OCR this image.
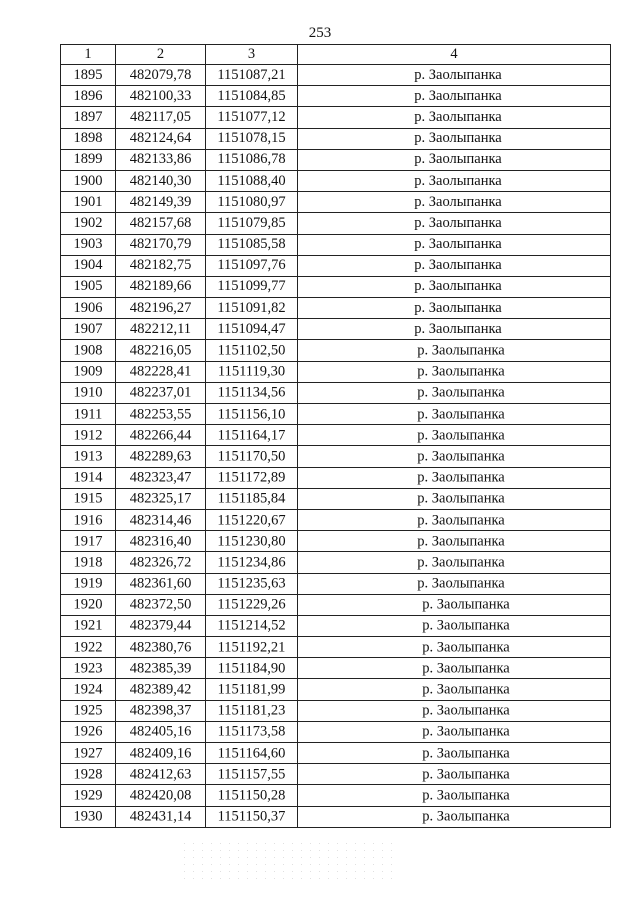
253
1	2	3	4
1895	482079,78	1151087,21	р. Заолыпанка
1896	482100,33	1151084,85	р. Заолыпанка
1897	482117,05	1151077,12	р. Заолыпанка
1898	482124,64	1151078,15	р. Заолыпанка
1899	482133,86	1151086,78	р. Заолыпанка
1900	482140,30	1151088,40	р. Заолыпанка
1901	482149,39	1151080,97	р. Заолыпанка
1902	482157,68	1151079,85	р. Заолыпанка
1903	482170,79	1151085,58	р. Заолыпанка
1904	482182,75	1151097,76	р. Заолыпанка
1905	482189,66	1151099,77	р. Заолыпанка
1906	482196,27	1151091,82	р. Заолыпанка
1907	482212,11	1151094,47	р. Заолыпанка
1908	482216,05	1151102,50	р. Заолыпанка
1909	482228,41	1151119,30	р. Заолыпанка
1910	482237,01	1151134,56	р. Заолыпанка
1911	482253,55	1151156,10	р. Заолыпанка
1912	482266,44	1151164,17	р. Заолыпанка
1913	482289,63	1151170,50	р. Заолыпанка
1914	482323,47	1151172,89	р. Заолыпанка
1915	482325,17	1151185,84	р. Заолыпанка
1916	482314,46	1151220,67	р. Заолыпанка
1917	482316,40	1151230,80	р. Заолыпанка
1918	482326,72	1151234,86	р. Заолыпанка
1919	482361,60	1151235,63	р. Заолыпанка
1920	482372,50	1151229,26	р. Заолыпанка
1921	482379,44	1151214,52	р. Заолыпанка
1922	482380,76	1151192,21	р. Заолыпанка
1923	482385,39	1151184,90	р. Заолыпанка
1924	482389,42	1151181,99	р. Заолыпанка
1925	482398,37	1151181,23	р. Заолыпанка
1926	482405,16	1151173,58	р. Заолыпанка
1927	482409,16	1151164,60	р. Заолыпанка
1928	482412,63	1151157,55	р. Заолыпанка
1929	482420,08	1151150,28	р. Заолыпанка
1930	482431,14	1151150,37	р. Заолыпанка
